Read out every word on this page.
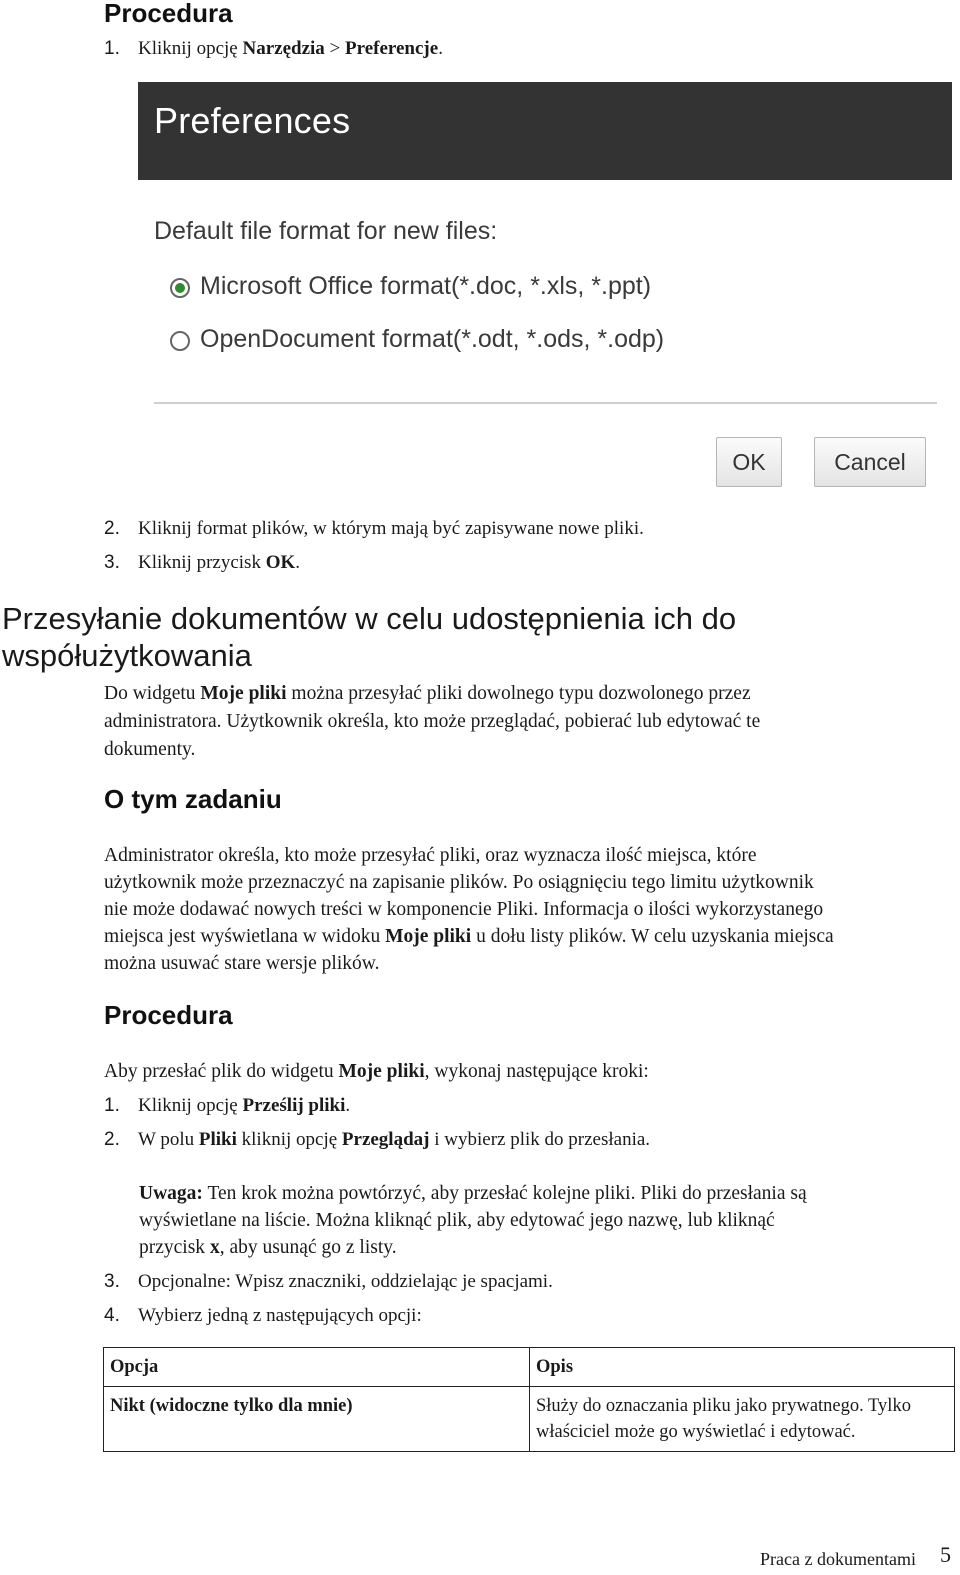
Procedura
1. Kliknij opcję Narzędzia > Preferencje.
Preferences
Default file format for new files:
Microsoft Office format(*.doc, *.xls, *.ppt)
OpenDocument format(*.odt, *.ods, *.odp)
OK	Cancel
2. Kliknij format plików, w którym mają być zapisywane nowe pliki.
3. Kliknij przycisk OK.
Przesyłanie dokumentów w celu udostępnienia ich do
współużytkowania
Do widgetu Moje pliki można przesyłać pliki dowolnego typu dozwolonego przez
administratora. Użytkownik określa, kto może przeglądać, pobierać lub edytować te
dokumenty.
O tym zadaniu
Administrator określa, kto może przesyłać pliki, oraz wyznacza ilość miejsca, które
użytkownik może przeznaczyć na zapisanie plików. Po osiągnięciu tego limitu użytkownik
nie może dodawać nowych treści w komponencie Pliki. Informacja o ilości wykorzystanego
miejsca jest wyświetlana w widoku Moje pliki u dołu listy plików. W celu uzyskania miejsca
można usuwać stare wersje plików.
Procedura
Aby przesłać plik do widgetu Moje pliki, wykonaj następujące kroki:
1. Kliknij opcję Prześlij pliki.
2. W polu Pliki kliknij opcję Przeglądaj i wybierz plik do przesłania.
Uwaga: Ten krok można powtórzyć, aby przesłać kolejne pliki. Pliki do przesłania są
wyświetlane na liście. Można kliknąć plik, aby edytować jego nazwę, lub kliknąć
przycisk x, aby usunąć go z listy.
3. Opcjonalne: Wpisz znaczniki, oddzielając je spacjami.
4. Wybierz jedną z następujących opcji:
Opcja	Opis
Nikt (widoczne tylko dla mnie)	Służy do oznaczania pliku jako prywatnego. Tylko
właściciel może go wyświetlać i edytować.
Praca z dokumentami 5
